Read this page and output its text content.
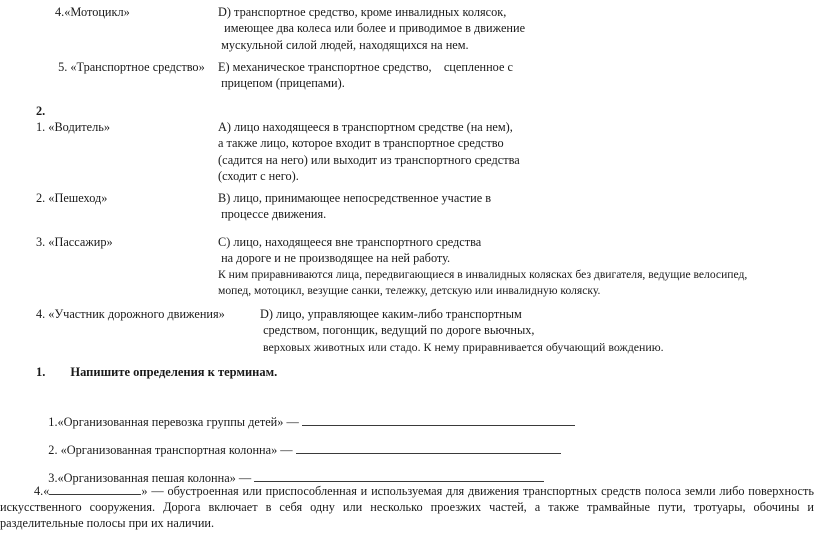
4.«Мотоцикл»	D) транспортное средство, кроме инвалидных колясок,
имеющее два колеса или более и приводимое в движение
мускульной силой людей, находящихся на нем.
5. «Транспортное средство»	E) механическое транспортное средство,    сцепленное с
прицепом (прицепами).
2.
1. «Водитель»	A) лицо находящееся в транспортном средстве (на нем),
а также лицо, которое входит в транспортное средство
(садится на него) или выходит из транспортного средства
(сходит с него).
2. «Пешеход»	B) лицо, принимающее непосредственное участие в
процессе движения.
3. «Пассажир»	C) лицо, находящееся вне транспортного средства
на дороге и не производящее на ней работу.
К ним приравниваются лица, передвигающиеся в инвалидных колясках без двигателя, ведущие велосипед,
мопед, мотоцикл, везущие санки, тележку, детскую или инвалидную коляску.
4. «Участник дорожного движения»	D) лицо, управляющее каким-либо транспортным
средством, погонщик, ведущий по дороге вьючных,
верховых животных или стадо. К нему приравнивается обучающий вождению.
1.        Напишите определения к терминам.

1.«Организованная перевозка группы детей» —

2. «Организованная транспортная колонна» —

3.«Организованная пешая колонна» —

4.«	» — обустроенная или приспособленная и используемая для движения транспортных средств полоса земли либо поверхность искусственного сооружения. Дорога включает в себя одну или несколько проезжих частей, а также трамвайные пути, тротуары, обочины и разделительные полосы при их наличии.
